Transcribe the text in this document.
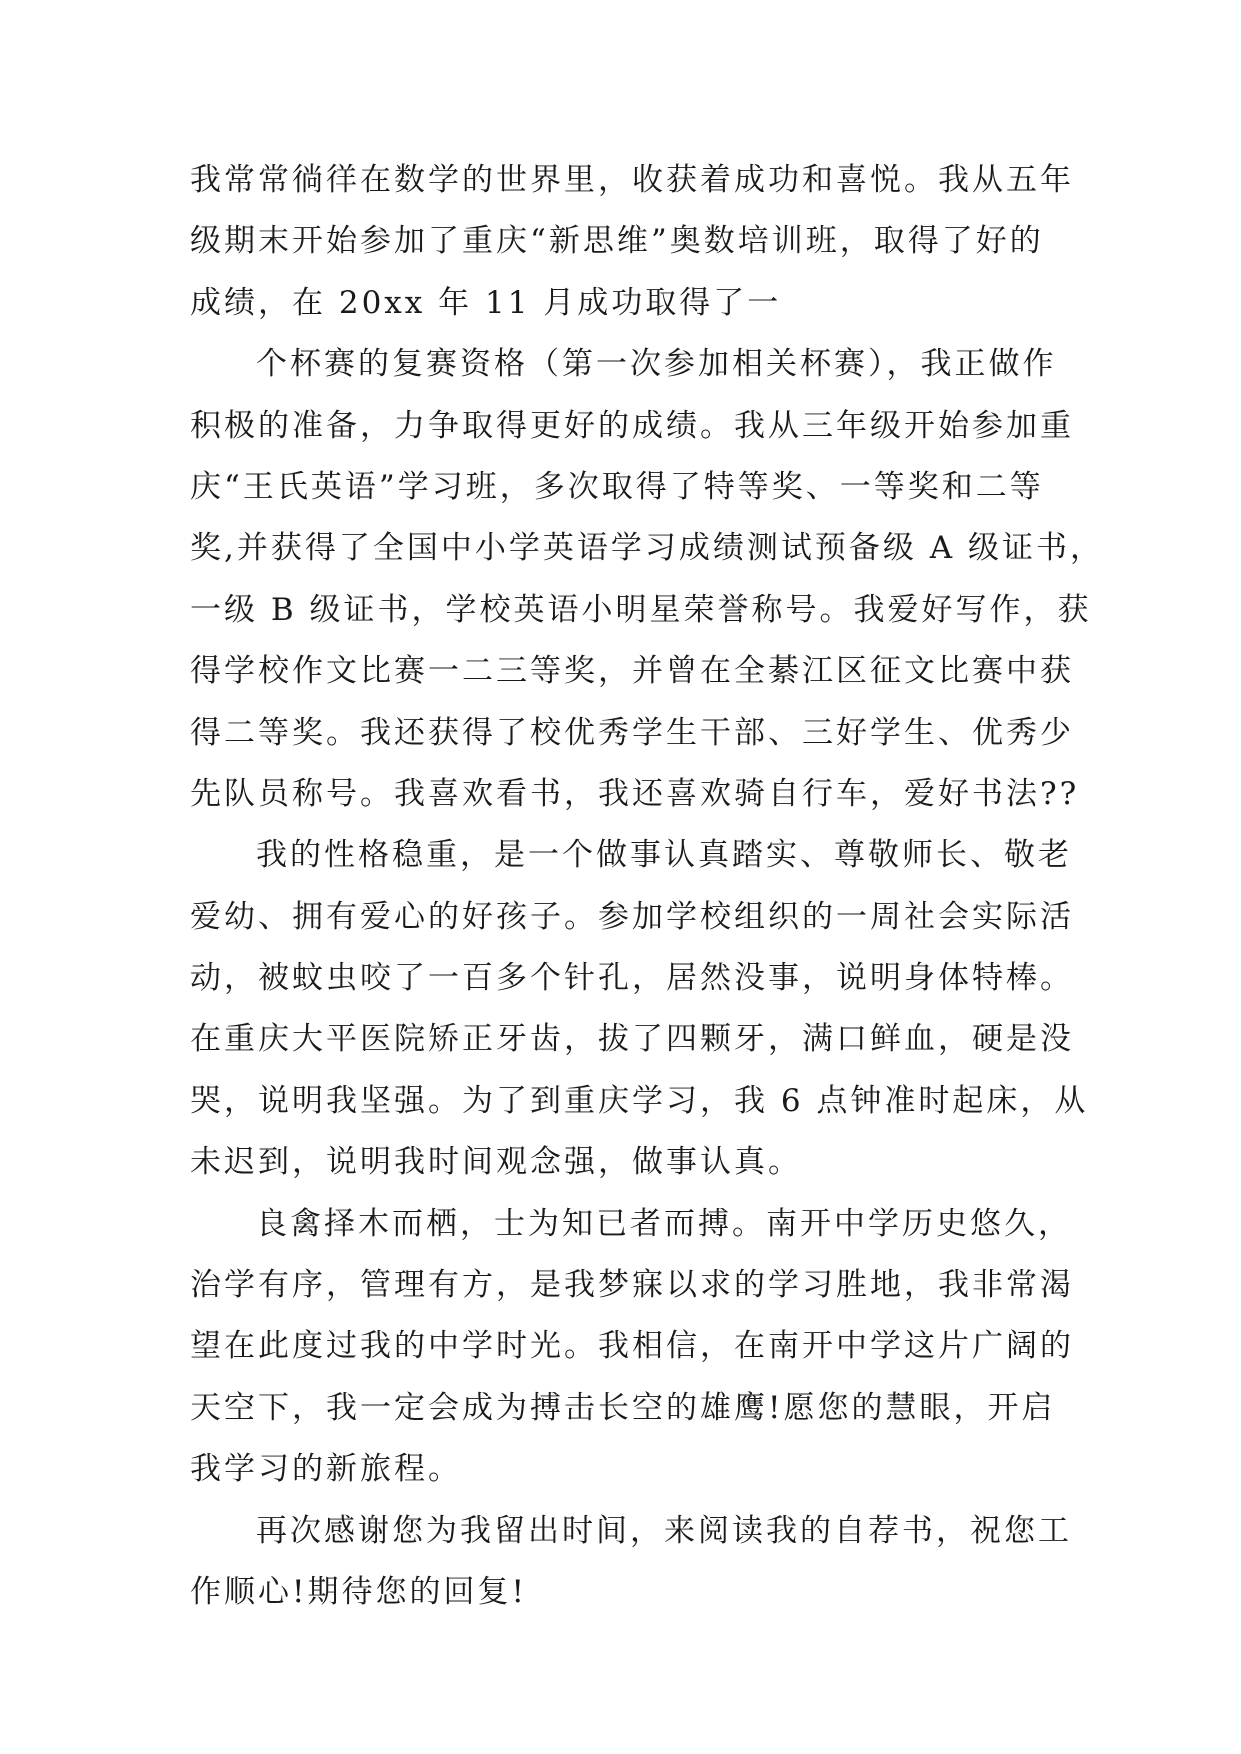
我常常徜徉在数学的世界里，收获着成功和喜悦。我从五年
级期末开始参加了重庆“新思维”奥数培训班，取得了好的
成绩，在 20xx 年 11 月成功取得了一
个杯赛的复赛资格（第一次参加相关杯赛），我正做作
积极的准备，力争取得更好的成绩。我从三年级开始参加重
庆“王氏英语”学习班，多次取得了特等奖、一等奖和二等
奖,并获得了全国中小学英语学习成绩测试预备级 A 级证书，
一级 B 级证书，学校英语小明星荣誉称号。我爱好写作，获
得学校作文比赛一二三等奖，并曾在全綦江区征文比赛中获
得二等奖。我还获得了校优秀学生干部、三好学生、优秀少
先队员称号。我喜欢看书，我还喜欢骑自行车，爱好书法??
我的性格稳重，是一个做事认真踏实、尊敬师长、敬老
爱幼、拥有爱心的好孩子。参加学校组织的一周社会实际活
动，被蚊虫咬了一百多个针孔，居然没事，说明身体特棒。
在重庆大平医院矫正牙齿，拔了四颗牙，满口鲜血，硬是没
哭，说明我坚强。为了到重庆学习，我 6 点钟准时起床，从
未迟到，说明我时间观念强，做事认真。
良禽择木而栖，士为知已者而搏。南开中学历史悠久，
治学有序，管理有方，是我梦寐以求的学习胜地，我非常渴
望在此度过我的中学时光。我相信，在南开中学这片广阔的
天空下，我一定会成为搏击长空的雄鹰!愿您的慧眼，开启
我学习的新旅程。
再次感谢您为我留出时间，来阅读我的自荐书，祝您工
作顺心!期待您的回复!
